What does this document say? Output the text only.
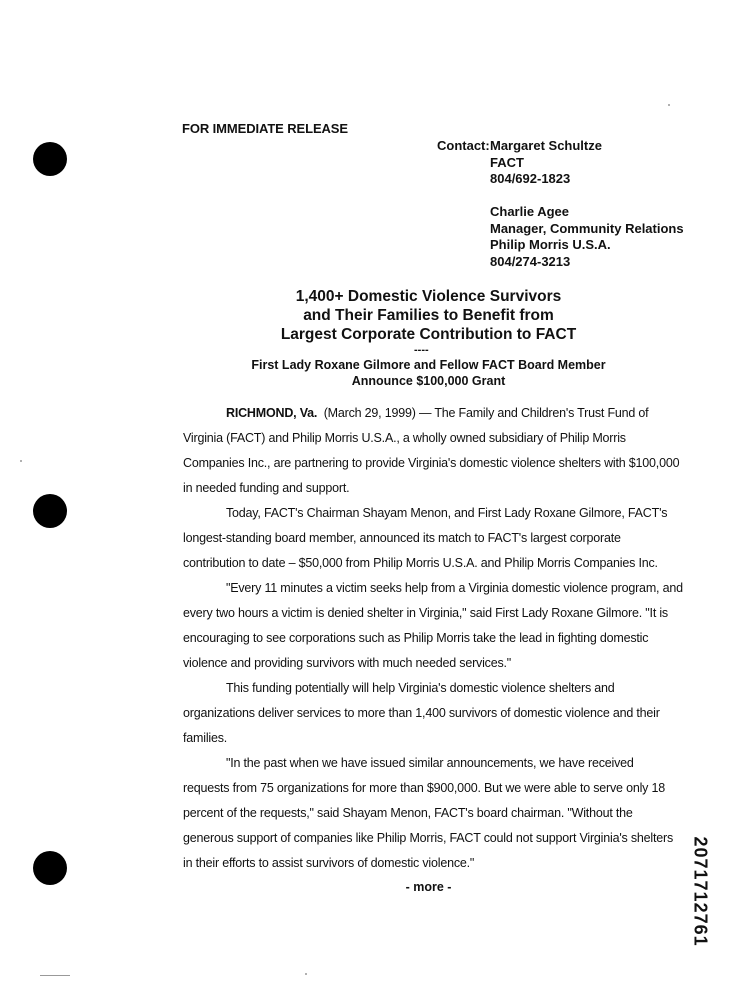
FOR IMMEDIATE RELEASE
Contact: Margaret Schultze
FACT
804/692-1823
Charlie Agee
Manager, Community Relations
Philip Morris U.S.A.
804/274-3213
1,400+ Domestic Violence Survivors
and Their Families to Benefit from
Largest Corporate Contribution to FACT
----
First Lady Roxane Gilmore and Fellow FACT Board Member
Announce $100,000 Grant

RICHMOND, Va. (March 29, 1999) — The Family and Children's Trust Fund of Virginia (FACT) and Philip Morris U.S.A., a wholly owned subsidiary of Philip Morris Companies Inc., are partnering to provide Virginia's domestic violence shelters with $100,000 in needed funding and support.

Today, FACT's Chairman Shayam Menon, and First Lady Roxane Gilmore, FACT's longest-standing board member, announced its match to FACT's largest corporate contribution to date – $50,000 from Philip Morris U.S.A. and Philip Morris Companies Inc.

"Every 11 minutes a victim seeks help from a Virginia domestic violence program, and every two hours a victim is denied shelter in Virginia," said First Lady Roxane Gilmore. "It is encouraging to see corporations such as Philip Morris take the lead in fighting domestic violence and providing survivors with much needed services."

This funding potentially will help Virginia's domestic violence shelters and organizations deliver services to more than 1,400 survivors of domestic violence and their families.

"In the past when we have issued similar announcements, we have received requests from 75 organizations for more than $900,000. But we were able to serve only 18 percent of the requests," said Shayam Menon, FACT's board chairman. "Without the generous support of companies like Philip Morris, FACT could not support Virginia's shelters in their efforts to assist survivors of domestic violence."

- more -	2071712761
